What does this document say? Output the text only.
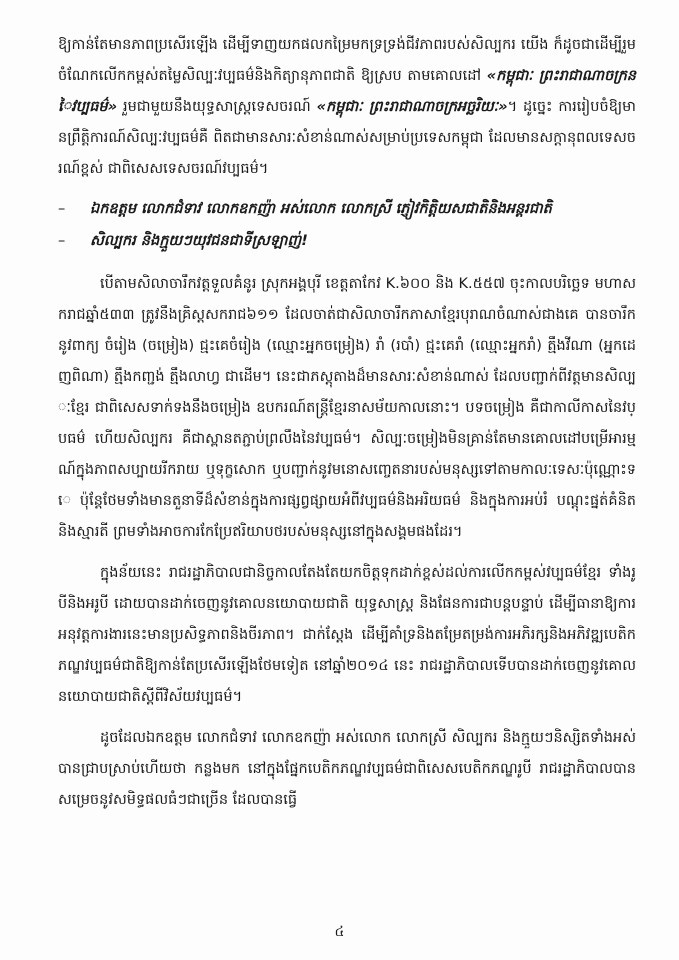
ឱ្យកាន់តែមានភាពប្រសើរឡើង ដើម្បីទាញយកផលកម្រៃមកទ្រទ្រង់ជីវភាពរបស់សិល្បករ យើង ក៏ដូចជាដើម្បីរួមចំណែកលើកកម្ពស់តម្លៃសិល្បៈវប្បធម៌និងកិត្យានុភាពជាតិ ឱ្យស្រប តាមគោលដៅ «កម្ពុជាៈ ព្រះរាជាណាចក្រនៃវប្បធម៌» រួមជាមួយនឹងយុទ្ធសាស្ត្រទេសចរណ៍ «កម្ពុជាៈ ព្រះរាជាណាចក្រអច្ឆរិយៈ»។ ដូច្នេះ ការរៀបចំឱ្យមានព្រឹត្តិការណ៍សិល្បៈវប្បធម៌គឺ ពិតជាមានសារៈសំខាន់ណាស់សម្រាប់ប្រទេសកម្ពុជា ដែលមានសក្តានុពលទេសចរណ៍ខ្ពស់ ជាពិសេសទេសចរណ៍វប្បធម៌។

– ឯកឧត្តម លោកជំទាវ លោកឧកញ៉ា អស់លោក លោកស្រី ភ្ញៀវកិត្តិយសជាតិនិងអន្តរជាតិ
– សិល្បករ និងក្មួយៗយុវជនជាទីស្រឡាញ់!

បើតាមសិលាចារឹកវត្តទួលគំនូរ ស្រុកអង្គបុរី ខេត្តតាកែវ K.៦០០ និង K.៥៥៧ ចុះកាលបរិច្ឆេទ មហាសករាជឆ្នាំ៥៣៣ ត្រូវនឹងគ្រិស្តសករាជ៦១១ ដែលចាត់ជាសិលាចារឹកភាសាខ្មែរបុរាណចំណាស់ជាងគេ បានចារឹកនូវពាក្យ ចំរៀង (ចម្រៀង) ជ្មះគេចំរៀង (ឈ្មោះអ្នកចម្រៀង) រាំ (របាំ) ជ្មះគេរាំ (ឈ្មោះអ្នករាំ) ត្មឹងវីណា (អ្នកដេញពិណា) ត្មឹងកញ្ជង់ ត្មឹងលាហ្វ ជាដើម។ នេះជាភស្តុតាងដ៏មានសារៈសំខាន់ណាស់ ដែលបញ្ជាក់ពីវត្តមានសិល្បៈខ្មែរ ជាពិសេសទាក់ទងនឹងចម្រៀង ឧបករណ៍តន្ត្រីខ្មែរនាសម័យកាលនោះ។ បទចម្រៀង គឺជាកាលីកាសនៃវប្បធម៌ ហើយសិល្បករ គឺជាស្ពានតភ្ជាប់ព្រលឹងនៃវប្បធម៌។ សិល្បៈចម្រៀងមិនគ្រាន់តែមានគោលដៅបម្រើអារម្មណ៍ក្នុងភាពសប្បាយរីករាយ ឬទុក្ខសោក ឬបញ្ជាក់នូវមនោសញ្ចេតនារបស់មនុស្សទៅតាមកាលៈទេសៈប៉ុណ្ណោះទេ ប៉ុន្តែថែមទាំងមានតួនាទីដ៏សំខាន់ក្នុងការផ្សព្វផ្សាយអំពីវប្បធម៌និងអរិយធម៌ និងក្នុងការអប់រំ បណ្តុះផ្នត់គំនិត និងស្មារតី ព្រមទាំងអាចការកែប្រែឥរិយាបថរបស់មនុស្សនៅក្នុងសង្គមផងដែរ។

ក្នុងន័យនេះ រាជរដ្ឋាភិបាលជានិច្ចកាលតែងតែយកចិត្តទុកដាក់ខ្ពស់ដល់ការលើកកម្ពស់វប្បធម៌ខ្មែរ ទាំងរូបីនិងអរូបី ដោយបានដាក់ចេញនូវគោលនយោបាយជាតិ យុទ្ធសាស្ត្រ និងផែនការជាបន្តបន្ទាប់ ដើម្បីធានាឱ្យការអនុវត្តការងារនេះមានប្រសិទ្ធភាពនិងចីរភាព។ ជាក់ស្តែង ដើម្បីគាំទ្រនិងតម្រែតម្រង់ការអភិរក្សនិងអភិវឌ្ឍបេតិកភណ្ឌវប្បធម៌ជាតិឱ្យកាន់តែប្រសើរឡើងថែមទៀត នៅឆ្នាំ២០១៤ នេះ រាជរដ្ឋាភិបាលទើបបានដាក់ចេញនូវគោលនយោបាយជាតិស្តីពីវិស័យវប្បធម៌។

ដូចដែលឯកឧត្តម លោកជំទាវ លោកឧកញ៉ា អស់លោក លោកស្រី សិល្បករ និងក្មួយៗនិស្សិតទាំងអស់ បានជ្រាបស្រាប់ហើយថា កន្លងមក នៅក្នុងផ្នែកបេតិកភណ្ឌវប្បធម៌ជាពិសេសបេតិកភណ្ឌរូបី រាជរដ្ឋាភិបាលបានសម្រេចនូវសមិទ្ធផលធំៗជាច្រើន ដែលបានធ្វើ

៤
